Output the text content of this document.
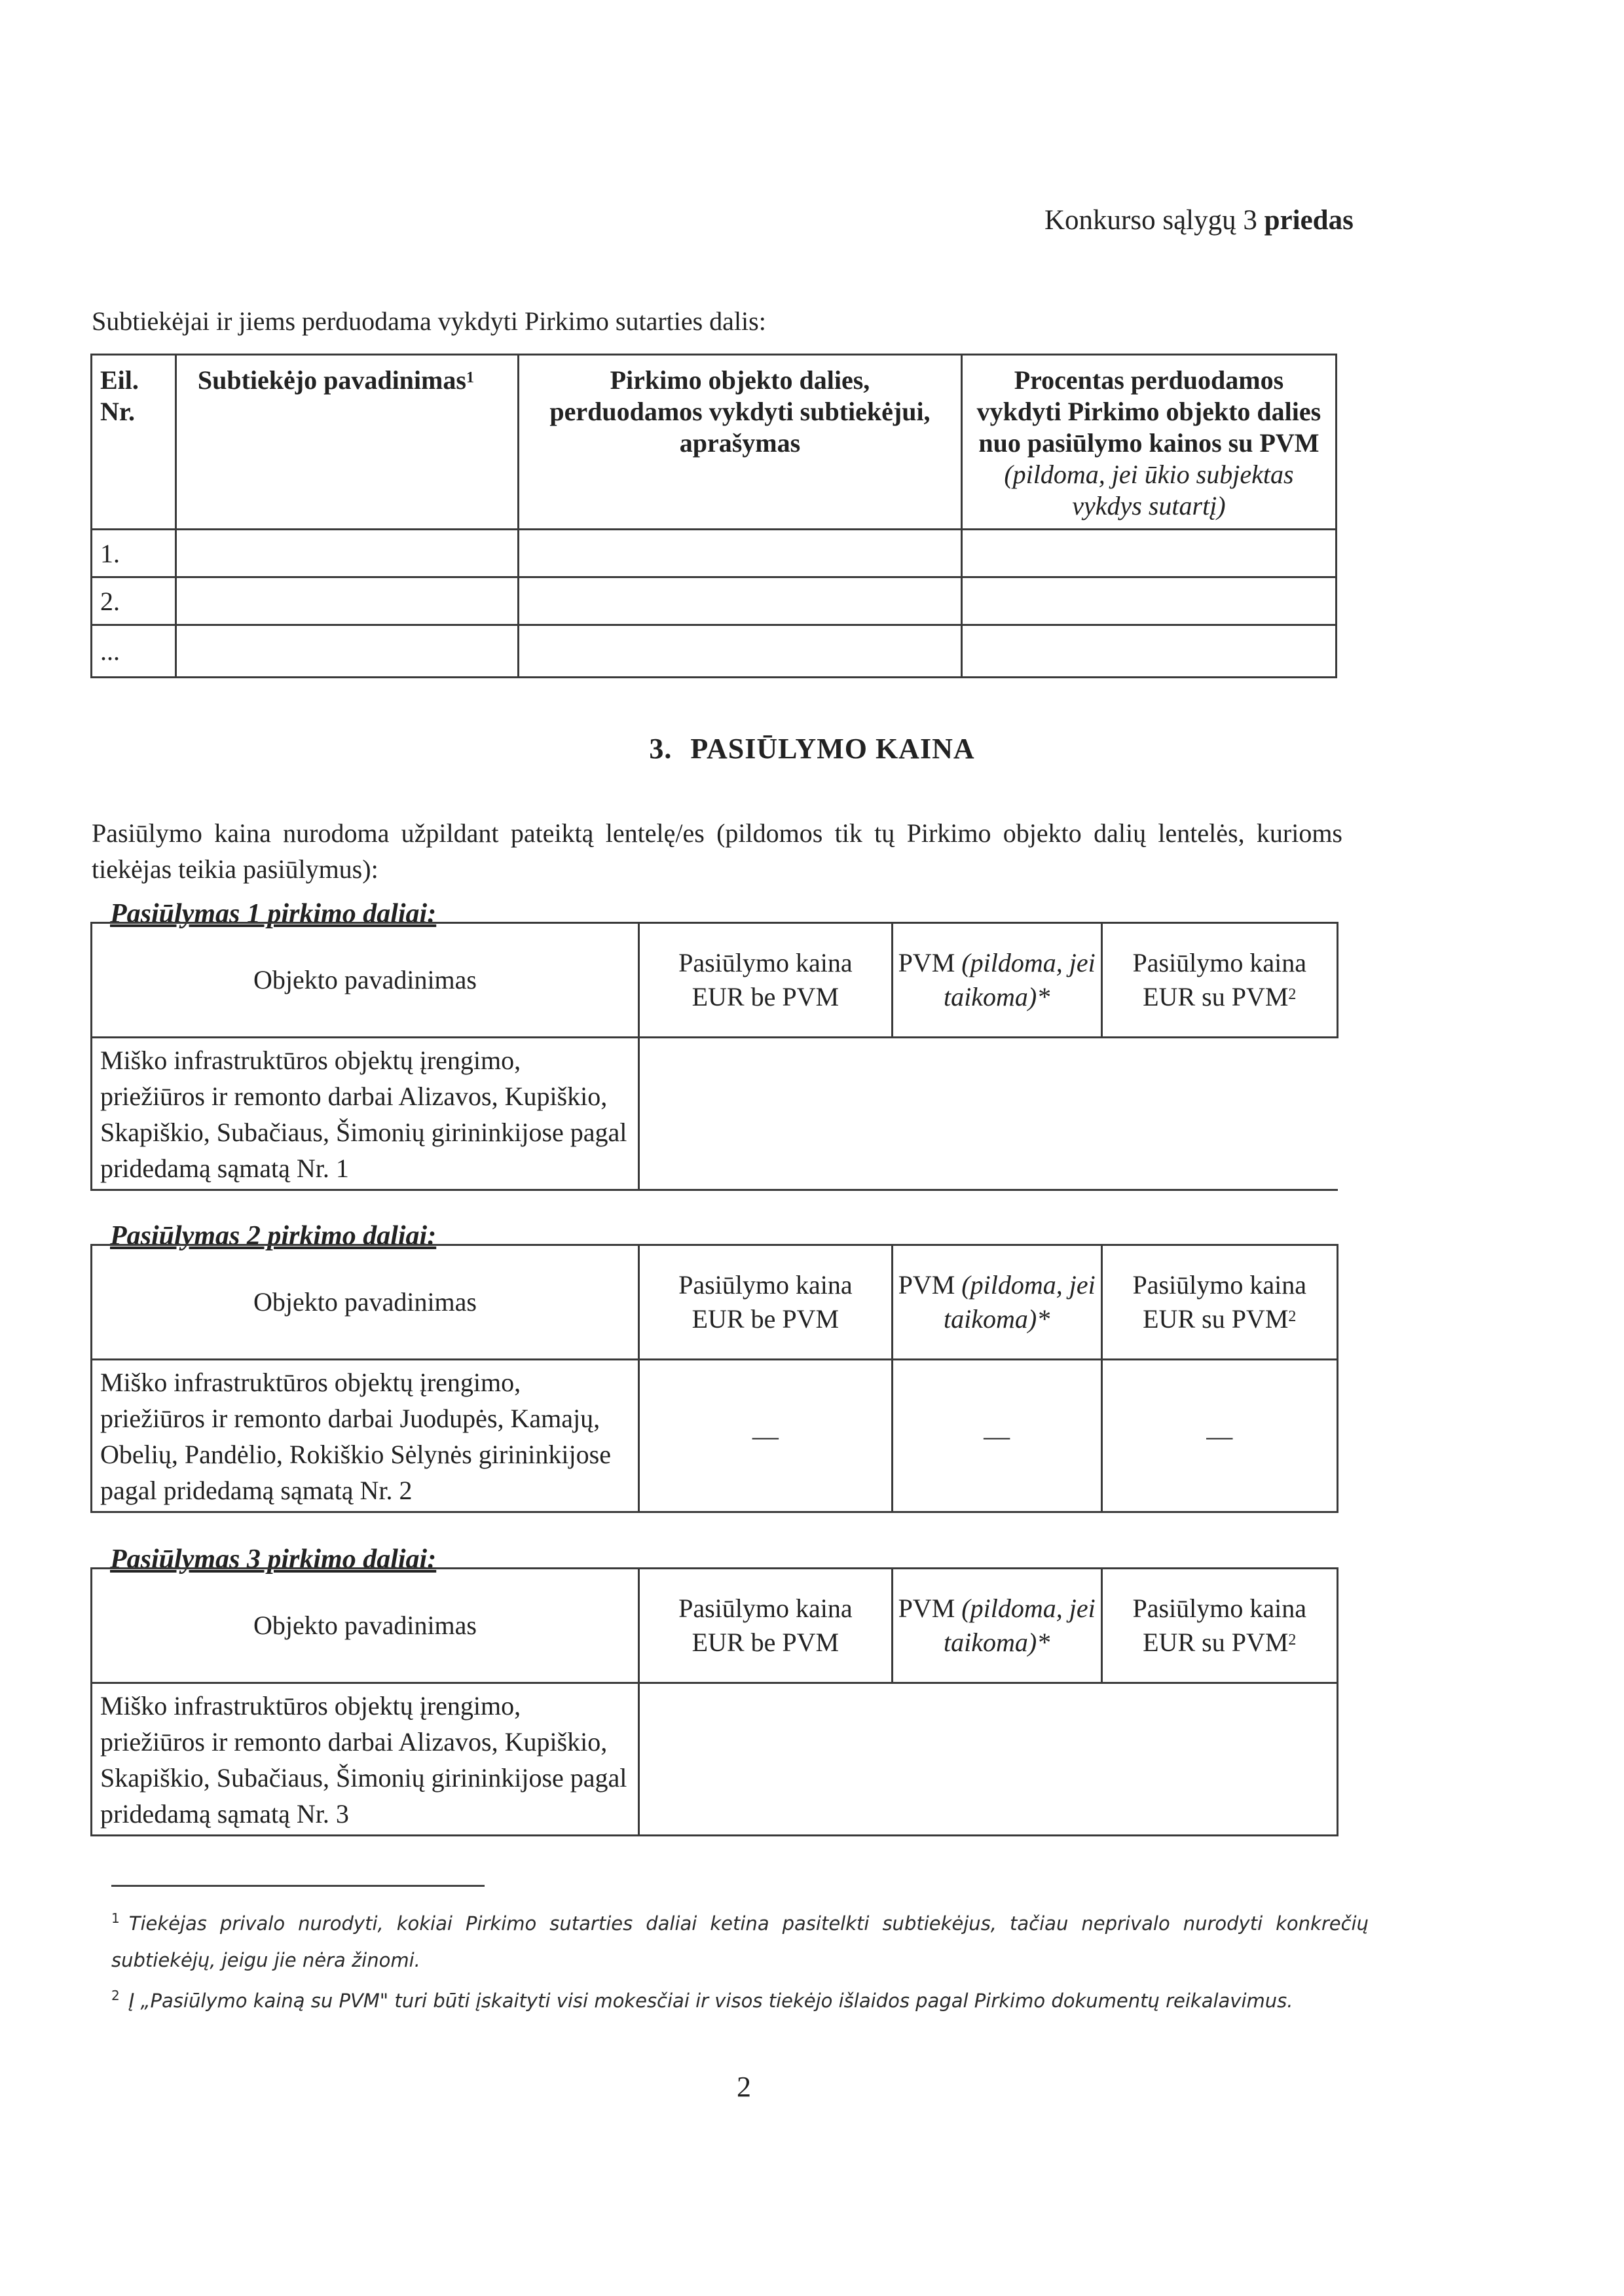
Konkurso sąlygų 3 priedas
Subtiekėjai ir jiems perduodama vykdyti Pirkimo sutarties dalis:
Eil.
Nr.	Subtiekėjo pavadinimas$^1$	Pirkimo objekto dalies, perduodamos vykdyti subtiekėjui, aprašymas	Procentas perduodamos vykdyti Pirkimo objekto dalies nuo pasiūlymo kainos su PVM (pildoma, jei ūkio subjektas vykdys sutartį)
1.			
2.			
...			
3. PASIŪLYMO KAINA
Pasiūlymo kaina nurodoma užpildant pateiktą lentelę/es (pildomos tik tų Pirkimo objekto dalių lentelės, kurioms tiekėjas teikia pasiūlymus):
Pasiūlymas 1 pirkimo daliai:
Objekto pavadinimas	Pasiūlymo kaina EUR be PVM	PVM (pildoma, jei taikoma)*	Pasiūlymo kaina EUR su PVM$^2$
Miško infrastruktūros objektų įrengimo, priežiūros ir remonto darbai Alizavos, Kupiškio, Skapiškio, Subačiaus, Šimonių girininkijose pagal pridedamą sąmatą Nr. 1			
Pasiūlymas 2 pirkimo daliai:
Objekto pavadinimas	Pasiūlymo kaina EUR be PVM	PVM (pildoma, jei taikoma)*	Pasiūlymo kaina EUR su PVM$^2$
Miško infrastruktūros objektų įrengimo, priežiūros ir remonto darbai Juodupės, Kamajų, Obelių, Pandėlio, Rokiškio Sėlynės girininkijose pagal pridedamą sąmatą Nr. 2	—	—	—
Pasiūlymas 3 pirkimo daliai:
Objekto pavadinimas	Pasiūlymo kaina EUR be PVM	PVM (pildoma, jei taikoma)*	Pasiūlymo kaina EUR su PVM$^2$
Miško infrastruktūros objektų įrengimo, priežiūros ir remonto darbai Alizavos, Kupiškio, Skapiškio, Subačiaus, Šimonių girininkijose pagal pridedamą sąmatą Nr. 3			

$^1$ Tiekėjas privalo nurodyti, kokiai Pirkimo sutarties daliai ketina pasitelkti subtiekėjus, tačiau neprivalo nurodyti konkrečių subtiekėjų, jeigu jie nėra žinomi.

$^2$ Į „Pasiūlymo kainą su PVM" turi būti įskaityti visi mokesčiai ir visos tiekėjo išlaidos pagal Pirkimo dokumentų reikalavimus.

2
